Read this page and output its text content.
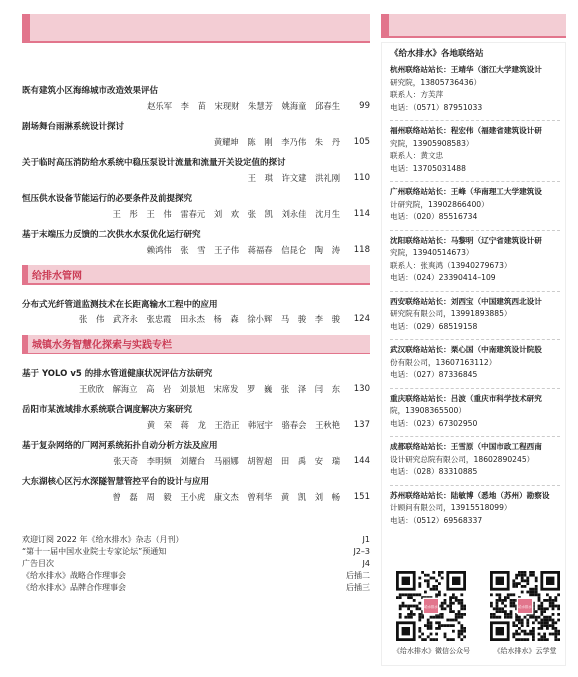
既有建筑小区海绵城市改造效果评估
赵乐军 李 苗 宋现财 朱慧芳 姚海童 邱春生	99
剧场舞台雨淋系统设计探讨
黄耀坤 陈 刚 李乃伟 朱 丹	105
关于临时高压消防给水系统中稳压泵设计流量和流量开关设定值的探讨
王 琪 许文建 洪礼刚	110
恒压供水设备节能运行的必要条件及前提探究
王 彤 王 伟 雷春元 刘 欢 张 凯 刘永佳 沈月生	114
基于末端压力反馈的二次供水水泵优化运行研究
赖鸿伟 张 雪 王子伟 蒋福春 信昆仑 陶 涛	118
给排水管网
分布式光纤管道监测技术在长距离输水工程中的应用
张 伟 武齐永 张忠霞 田永杰 杨 森 徐小辉 马 骏 李 骏	124
城镇水务智慧化探索与实践专栏
基于 YOLO v5 的排水管道健康状况评估方法研究
王欣欣 解海立 高 岩 刘景旭 宋席发 罗 巍 张 泽 闫 东	130
岳阳市某流域排水系统联合调度解决方案研究
黄 荣 蒋 龙 王浩正 韩冠宇 骆春会 王秋艳	137
基于复杂网络的厂网河系统拓扑自动分析方法及应用
张天奇 李明频 刘耀台 马丽娜 胡智超 田 禹 安 瑞	144
大东湖核心区污水深隧智慧管控平台的设计与应用
曾 磊 周 毅 王小虎 康文杰 曾利华 黄 凯 刘 畅	151
欢迎订阅 2022 年《给水排水》杂志（月刊）	J1
“第十一届中国水业院士专家论坛”预通知	J2–3
广告目次	J4
《给水排水》战略合作理事会	后插二
《给水排水》品牌合作理事会	后插三
《给水排水》各地联络站
杭州联络站站长：王靖华（浙江大学建筑设计
研究院，13805736436）
联系人：方芙萍
电话：（0571）87951033
福州联络站站长：程宏伟（福建省建筑设计研
究院，13905908583）
联系人：黄文忠
电话：13705031488
广州联络站站长：王峰（华南理工大学建筑设
计研究院，13902866400）
电话：（020）85516734
沈阳联络站站长：马黎明（辽宁省建筑设计研
究院，13940514673）
联系人：张爽鸿（13940279673）
电话：（024）23390414–109
西安联络站站长：刘西宝（中国建筑西北设计
研究院有限公司，13991893885）
电话：（029）68519158
武汉联络站站长：栗心国（中南建筑设计院股
份有限公司，13607163112）
电话：（027）87336845
重庆联络站站长：吕波（重庆市科学技术研究
院，13908365500）
电话：（023）67302950
成都联络站站长：王雪原（中国市政工程西南
设计研究总院有限公司，18602890245）
电话：（028）83310885
苏州联络站站长：陆敏博（悉地（苏州）勘察设
计顾问有限公司，13915518099）
电话：（0512）69568337
给水排水
《给水排水》微信公众号
给水排水
《给水排水》云学堂
